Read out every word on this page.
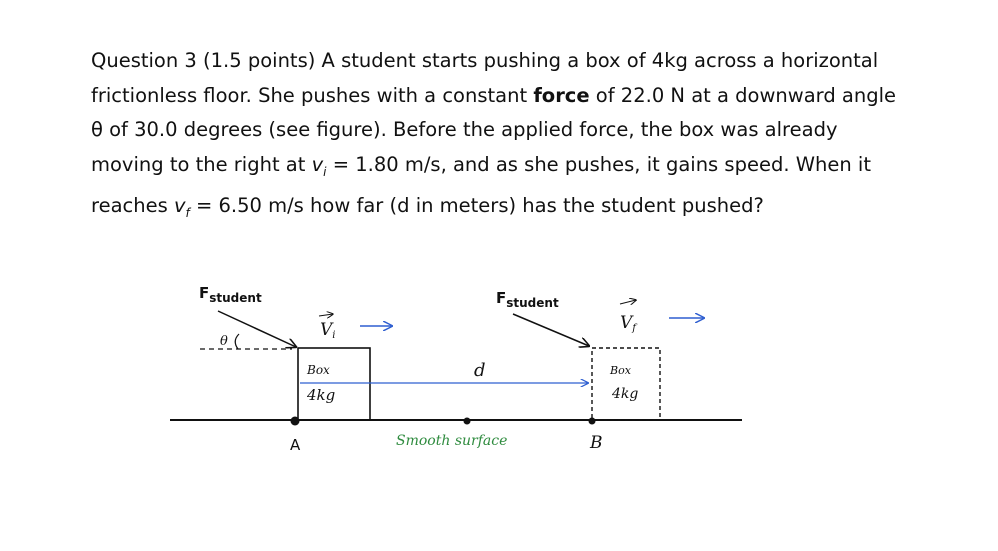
Question 3 (1.5 points) A student starts pushing a box of 4kg across a horizontal

frictionless floor. She pushes with a constant force of 22.0 N at a downward angle

θ of 30.0 degrees (see figure). Before the applied force, the box was already

moving to the right at $v_i = 1.80$ m/s, and as she pushes, it gains speed. When it

reaches $v_f = 6.50$ m/s how far (d in meters) has the student pushed?

Box
4kg
Box
4kg
$F_{student}$
θ
$F_{student}$
Vi
Vf
d
A	B
Smooth surface
